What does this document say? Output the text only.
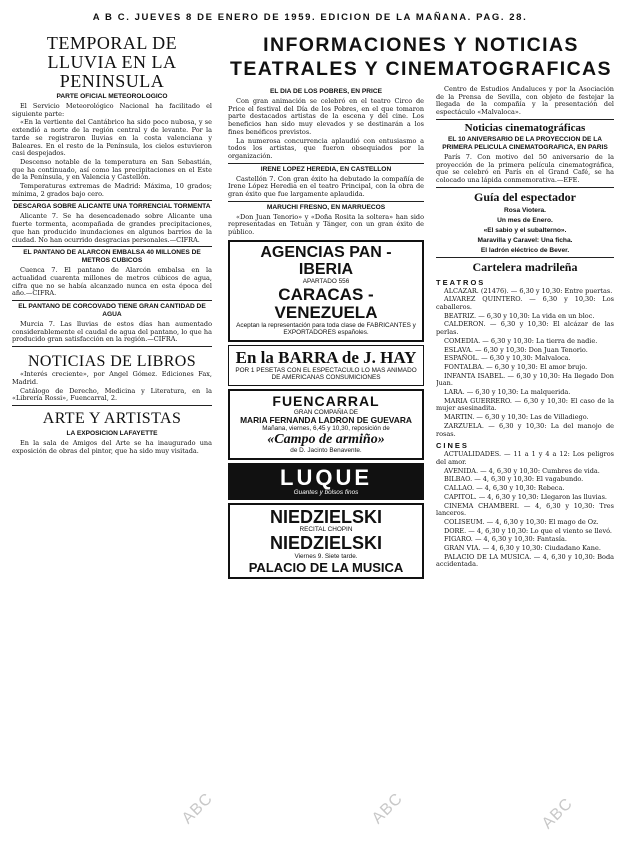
A B C. JUEVES 8 DE ENERO DE 1959. EDICION DE LA MAÑANA. PAG. 28.
TEMPORAL DE LLUVIA EN LA PENINSULA
PARTE OFICIAL METEOROLOGICO

El Servicio Meteorológico Nacional ha facilitado el siguiente parte:

«En la vertiente del Cantábrico ha sido poco nubosa, y se extendió a norte de la región central y de levante. Por la tarde se registraron lluvias en la costa valenciana y Baleares. En el resto de la Península, los cielos estuvieron casi despejados.

Descenso notable de la temperatura en San Sebastián, que ha continuado, así como las precipitaciones en el Este de la Península, y en Valencia y Castellón.

Temperaturas extremas de Madrid: Máxima, 10 grados; mínima, 2 grados bajo cero.

DESCARGA SOBRE ALICANTE UNA TORRENCIAL TORMENTA

Alicante 7. Se ha desencadenado sobre Alicante una fuerte tormenta, acompañada de grandes precipitaciones, que han producido inundaciones en algunos barrios de la ciudad. No han ocurrido desgracias personales.—CIFRA.

EL PANTANO DE ALARCON EMBALSA 40 MILLONES DE METROS CUBICOS

Cuenca 7. El pantano de Alarcón embalsa en la actualidad cuarenta millones de metros cúbicos de agua, cifra que no se había alcanzado nunca en esta época del año.—CIFRA.

EL PANTANO DE CORCOVADO TIENE GRAN CANTIDAD DE AGUA

Murcia 7. Las lluvias de estos días han aumentado considerablemente el caudal de agua del pantano, lo que ha producido gran satisfacción en la región.—CIFRA.

NOTICIAS DE LIBROS

«Interés creciente», por Angel Gómez. Ediciones Fax, Madrid.

Catálogo de Derecho, Medicina y Literatura, en la «Librería Rossi», Fuencarral, 2.

ARTE Y ARTISTAS
LA EXPOSICION LAFAYETTE

En la sala de Amigos del Arte se ha inaugurado una exposición de obras del pintor, que ha sido muy visitada.

INFORMACIONES Y NOTICIAS
TEATRALES Y CINEMATOGRAFICAS
EL DIA DE LOS POBRES, EN PRICE

Con gran animación se celebró en el teatro Circo de Price el festival del Día de los Pobres, en el que tomaron parte destacados artistas de la escena y del cine. Los beneficios han sido muy elevados y se destinarán a los fines benéficos previstos.

La numerosa concurrencia aplaudió con entusiasmo a todos los artistas, que fueron obsequiados por la organización.

IRENE LOPEZ HEREDIA, EN CASTELLON

Castellón 7. Con gran éxito ha debutado la compañía de Irene López Heredia en el teatro Principal, con la obra de gran éxito que fue largamente aplaudida.

MARUCHI FRESNO, EN MARRUECOS

«Don Juan Tenorio» y «Doña Rosita la soltera» han sido representadas en Tetuán y Tánger, con un gran éxito de público.

AGENCIAS PAN - IBERIA
APARTADO 556
CARACAS - VENEZUELA
Aceptan la representación para toda clase de FABRICANTES y EXPORTADORES españoles.
En la BARRA de J. HAY
POR 1 PESETAS CON EL ESPECTACULO LO MAS ANIMADO DE AMERICANAS CONSUMICIONES
FUENCARRAL
GRAN COMPAÑIA DE
MARIA FERNANDA LADRON DE GUEVARA
Mañana, viernes, 6,45 y 10,30, reposición de
«Campo de armiño»
de D. Jacinto Benavente.
LUQUE
Guantes y bolsos finos
NIEDZIELSKI
RECITAL CHOPIN
NIEDZIELSKI
Viernes 9. Siete tarde.
PALACIO DE LA MUSICA

Centro de Estudios Andaluces y por la Asociación de la Prensa de Sevilla, con objeto de festejar la llegada de la compañía y la presentación del espectáculo «Malvaloca».

Noticias cinematográficas
EL 10 ANIVERSARIO DE LA PROYECCION DE LA PRIMERA PELICULA CINEMATOGRAFICA, EN PARIS

París 7. Con motivo del 50 aniversario de la proyección de la primera película cinematográfica, que se celebró en París en el Grand Café, se ha colocado una lápida conmemorativa.—EFE.

Guía del espectador
Rosa Viotera.
Un mes de Enero.
«El sabio y el subalterno».
Maravilla y Caravel: Una ficha.
El ladrón eléctrico de Bever.
Cartelera madrileña
TEATROS

ALCAZAR. (21476). — 6,30 y 10,30: Entre puertas.

ALVAREZ QUINTERO. — 6,30 y 10,30: Los caballeros.

BEATRIZ. — 6,30 y 10,30: La vida en un bloc.

CALDERON. — 6,30 y 10,30: El alcázar de las perlas.

COMEDIA. — 6,30 y 10,30: La tierra de nadie.

ESLAVA. — 6,30 y 10,30: Don Juan Tenorio.

ESPAÑOL. — 6,30 y 10,30: Malvaloca.

FONTALBA. — 6,30 y 10,30: El amor brujo.

INFANTA ISABEL. — 6,30 y 10,30: Ha llegado Don Juan.

LARA. — 6,30 y 10,30: La malquerida.

MARIA GUERRERO. — 6,30 y 10,30: El caso de la mujer asesinadita.

MARTIN. — 6,30 y 10,30: Las de Villadiego.

ZARZUELA. — 6,30 y 10,30: La del manojo de rosas.

CINES

ACTUALIDADES. — 11 a 1 y 4 a 12: Los peligros del amor.

AVENIDA. — 4, 6,30 y 10,30: Cumbres de vida.

BILBAO. — 4, 6,30 y 10,30: El vagabundo.

CALLAO. — 4, 6,30 y 10,30: Rebeca.

CAPITOL. — 4, 6,30 y 10,30: Llegaron las lluvias.

CINEMA CHAMBERI. — 4, 6,30 y 10,30: Tres lanceros.

COLISEUM. — 4, 6,30 y 10,30: El mago de Oz.

DORE. — 4, 6,30 y 10,30: Lo que el viento se llevó.

FIGARO. — 4, 6,30 y 10,30: Fantasía.

GRAN VIA. — 4, 6,30 y 10,30: Ciudadano Kane.

PALACIO DE LA MUSICA. — 4, 6,30 y 10,30: Boda accidentada.

ABC	ABC	ABC
